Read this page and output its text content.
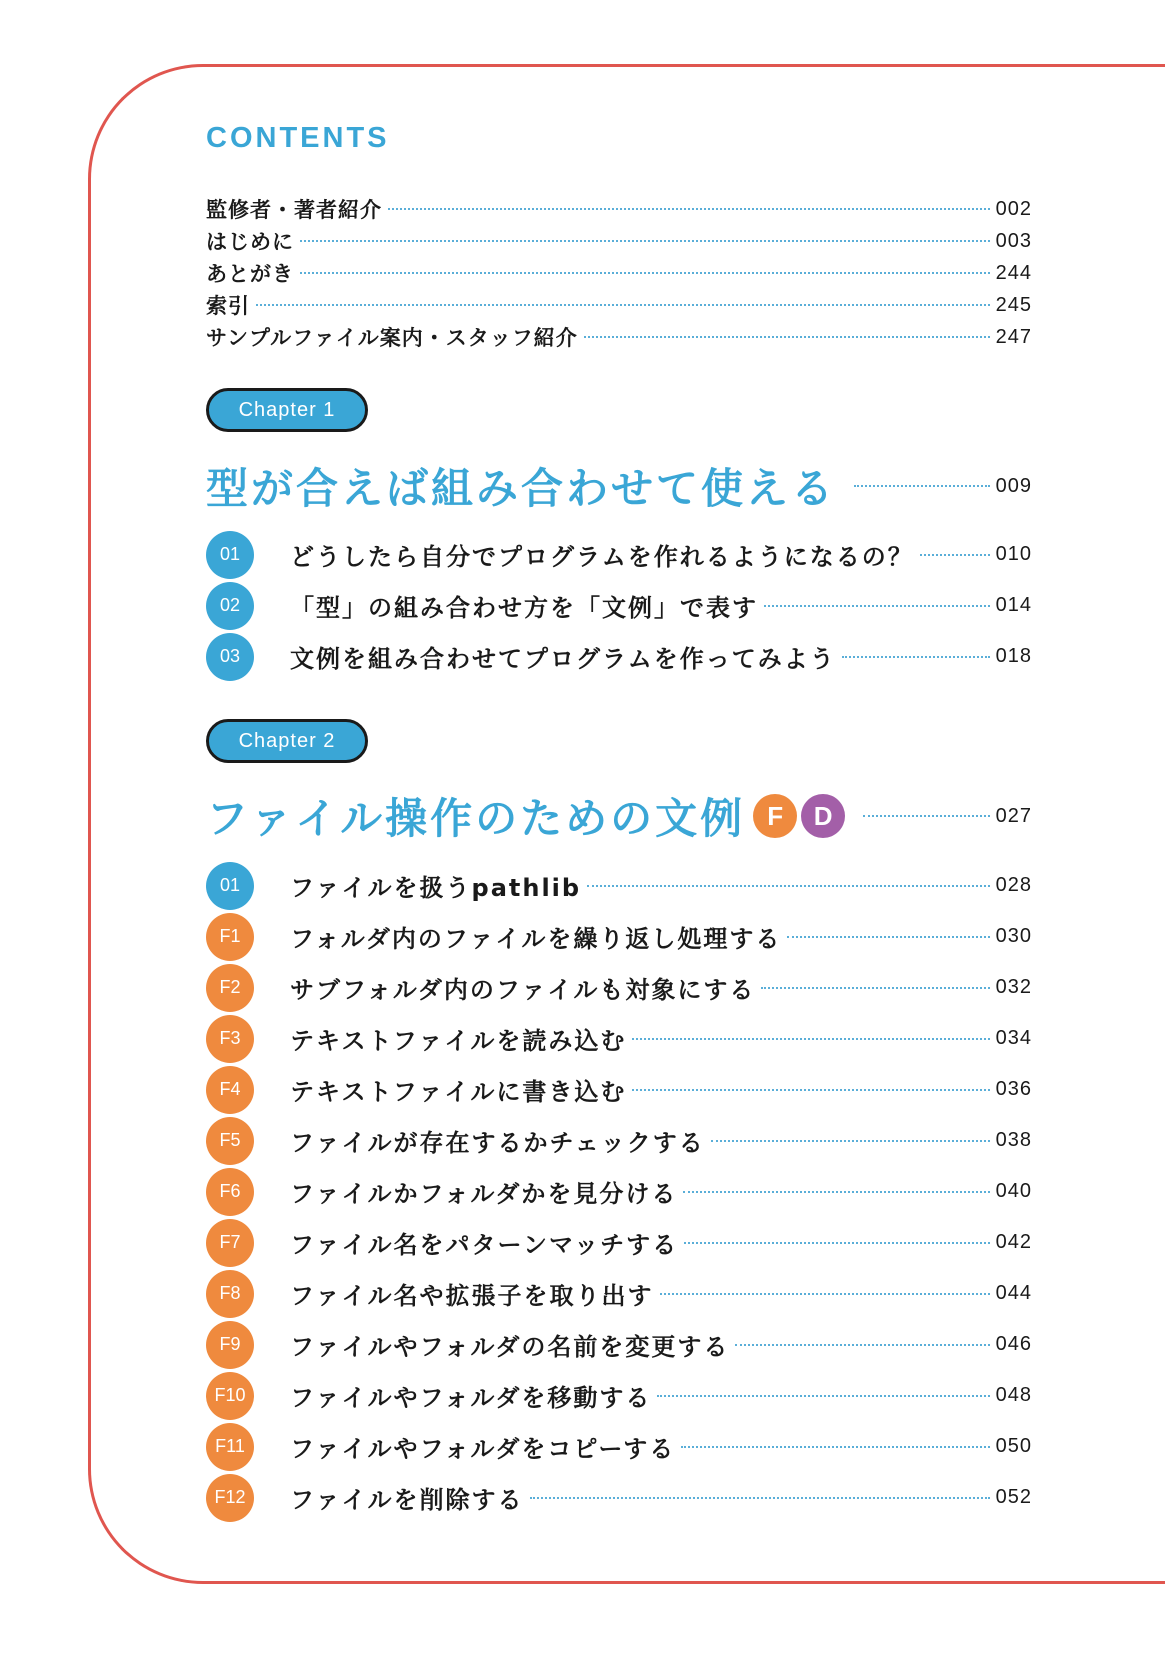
CONTENTS
監修者・著者紹介	002
はじめに	003
あとがき	244
索引	245
サンプルファイル案内・スタッフ紹介	247
Chapter 1
型が合えば組み合わせて使える	009
01	どうしたら自分でプログラムを作れるようになるの？	010
02	「型」の組み合わせ方を「文例」で表す	014
03	文例を組み合わせてプログラムを作ってみよう	018
Chapter 2
ファイル操作のための文例 F	D	027
01	ファイルを扱うpathlib	028
F1	フォルダ内のファイルを繰り返し処理する	030
F2	サブフォルダ内のファイルも対象にする	032
F3	テキストファイルを読み込む	034
F4	テキストファイルに書き込む	036
F5	ファイルが存在するかチェックする	038
F6	ファイルかフォルダかを見分ける	040
F7	ファイル名をパターンマッチする	042
F8	ファイル名や拡張子を取り出す	044
F9	ファイルやフォルダの名前を変更する	046
F10	ファイルやフォルダを移動する	048
F11	ファイルやフォルダをコピーする	050
F12	ファイルを削除する	052
